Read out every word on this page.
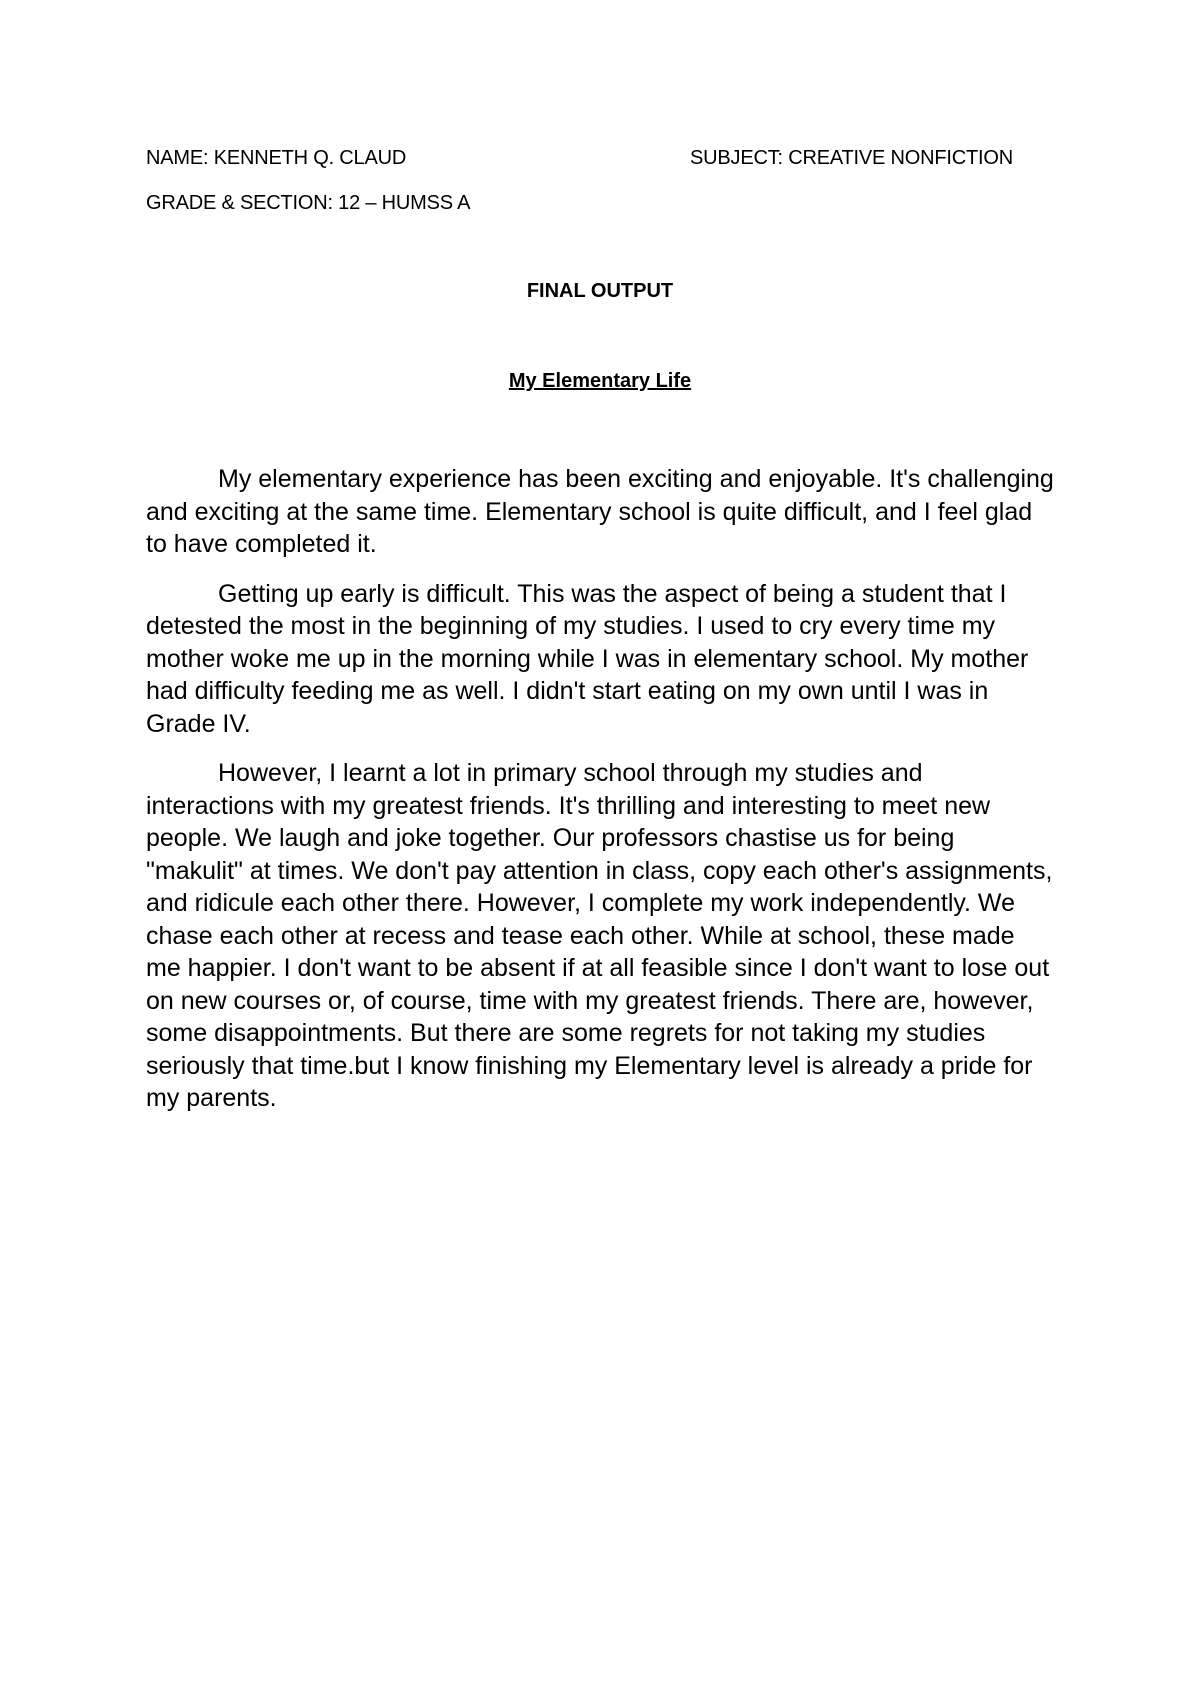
NAME: KENNETH Q. CLAUD	SUBJECT: CREATIVE NONFICTION
GRADE & SECTION: 12 – HUMSS A
FINAL OUTPUT
My Elementary Life

My elementary experience has been exciting and enjoyable. It's challenging and exciting at the same time. Elementary school is quite difficult, and I feel glad to have completed it.

Getting up early is difficult. This was the aspect of being a student that I detested the most in the beginning of my studies. I used to cry every time my mother woke me up in the morning while I was in elementary school. My mother had difficulty feeding me as well. I didn't start eating on my own until I was in Grade IV.

However, I learnt a lot in primary school through my studies and interactions with my greatest friends. It's thrilling and interesting to meet new people. We laugh and joke together. Our professors chastise us for being "makulit" at times. We don't pay attention in class, copy each other's assignments, and ridicule each other there. However, I complete my work independently. We chase each other at recess and tease each other. While at school, these made me happier. I don't want to be absent if at all feasible since I don't want to lose out on new courses or, of course, time with my greatest friends. There are, however, some disappointments. But there are some regrets for not taking my studies seriously that time.but I know finishing my Elementary level is already a pride for my parents.
